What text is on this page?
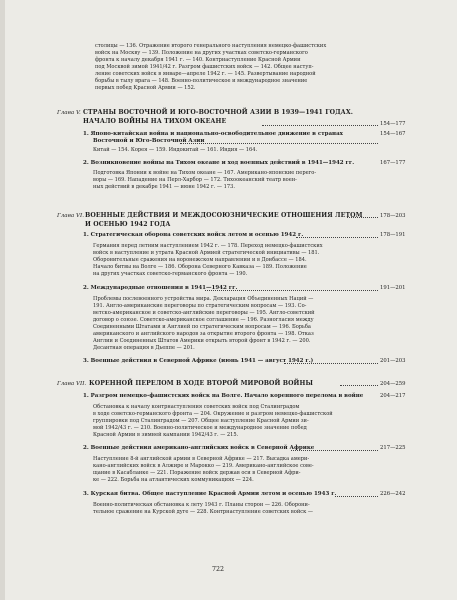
столицы — 136. Отражение второго генерального наступления немецко-фашистских
войск на Москву — 139. Положение на других участках советско-германского
фронта к началу декабря 1941 г. — 140. Контрнаступление Красной Армии
под Москвой зимой 1941/42 г. Разгром фашистских войск — 142. Общее наступ-
ление советских войск в январе—апреле 1942 г. — 145. Развертывание народной
борьбы в тылу врага — 148. Военно-политическое и международное значение
первых побед Красной Армии — 152.
Глава V. СТРАНЫ ВОСТОЧНОЙ И ЮГО-ВОСТОЧНОЙ АЗИИ В 1939—1941 ГОДАХ.
НАЧАЛО ВОЙНЫ НА ТИХОМ ОКЕАНЕ	154—177
1. Японо-китайская война и национально-освободительное движение в странах
Восточной и Юго-Восточной Азии
154—167
Китай — 154. Корея — 159. Индокитай — 161. Индия — 164.
2. Возникновение войны на Тихом океане и ход военных действий в 1941—1942 гг.	167—177
Подготовка Японии к войне на Тихом океане — 167. Американо-японские перего-
воры — 169. Нападение на Перл-Харбор — 172. Тихоокеанский театр воен-
ных действий в декабре 1941 — июне 1942 г. — 173.
Глава VI. ВОЕННЫЕ ДЕЙСТВИЯ И МЕЖДОСОЮЗНИЧЕСКИЕ ОТНОШЕНИЯ ЛЕТОМ	178—203
И ОСЕНЬЮ 1942 ГОДА
1. Стратегическая оборона советских войск летом и осенью 1942 г.	178—191
Германия перед летним наступлением 1942 г. — 178. Переход немецко-фашистских
войск в наступление и утрата Красной Армией стратегической инициативы — 181.
Оборонительные сражения на воронежском направлении и в Донбассе — 184.
Начало битвы на Волге — 186. Оборона Северного Кавказа — 189. Положение
на других участках советско-германского фронта — 190.
2. Международные отношения в 1941—1942 гг.	191—201
Проблемы послевоенного устройства мира. Декларация Объединенных Наций —
191. Англо-американские переговоры по стратегическим вопросам — 193. Со-
ветско-американское и советско-английские переговоры — 195. Англо-советский
договор о союзе. Советско-американское соглашение — 196. Разногласия между
Соединенными Штатами и Англией по стратегическим вопросам — 196. Борьба
американского и английского народов за открытие второго фронта — 198. Отказ
Англии и Соединенных Штатов Америки открыть второй фронт в 1942 г. — 200.
Десантная операция в Дьеппе — 201.
3. Военные действия в Северной Африке (июнь 1941 — август 1942 г.)	201—203
Глава VII. КОРЕННОЙ ПЕРЕЛОМ В ХОДЕ ВТОРОЙ МИРОВОЙ ВОЙНЫ	204—259
1. Разгром немецко-фашистских войск на Волге. Начало коренного перелома в войне	204—217
Обстановка к началу контрнаступления советских войск под Сталинградом
в ходе советско-германского фронта — 204. Окружение и разгром немецко-фашистской
группировки под Сталинградом — 207. Общее наступление Красной Армии зи-
мой 1942/43 г. — 210. Военно-политическое и международное значение побед
Красной Армии в зимней кампании 1942/43 г. — 215.
2. Военные действия американо-английских войск в Северной Африке	217—225
Наступление 8-й английской армии в Северной Африке — 217. Высадка амери-
кано-английских войск в Алжире и Марокко — 219. Американо-английское сове-
щание в Касабланке — 221. Поражение войск держав оси в Северной Афри-
ке — 222. Борьба на атлантических коммуникациях — 224.
3. Курская битва. Общее наступление Красной Армии летом и осенью 1943 г.	226—242
Военно-политическая обстановка к лету 1943 г. Планы сторон — 226. Оборони-
тельное сражение на Курской дуге — 228. Контрнаступление советских войск —
722
